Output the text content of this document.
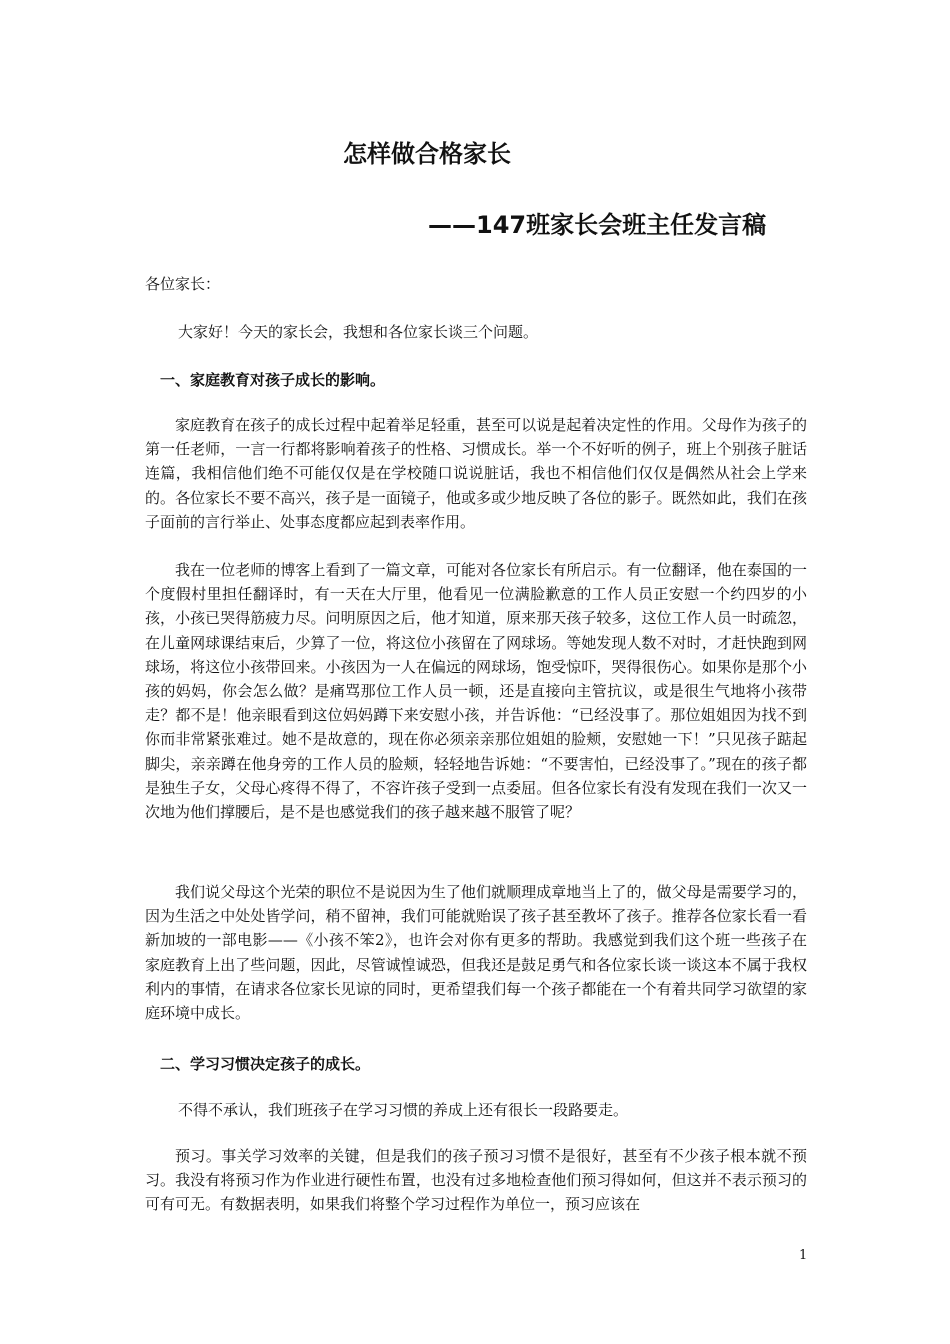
怎样做合格家长
——147班家长会班主任发言稿
各位家长：
大家好！今天的家长会，我想和各位家长谈三个问题。
一、家庭教育对孩子成长的影响。

家庭教育在孩子的成长过程中起着举足轻重，甚至可以说是起着决定性的作用。父母作为孩子的第一任老师，一言一行都将影响着孩子的性格、习惯成长。举一个不好听的例子，班上个别孩子脏话连篇，我相信他们绝不可能仅仅是在学校随口说说脏话，我也不相信他们仅仅是偶然从社会上学来的。各位家长不要不高兴，孩子是一面镜子，他或多或少地反映了各位的影子。既然如此，我们在孩子面前的言行举止、处事态度都应起到表率作用。

我在一位老师的博客上看到了一篇文章，可能对各位家长有所启示。有一位翻译，他在泰国的一个度假村里担任翻译时，有一天在大厅里，他看见一位满脸歉意的工作人员正安慰一个约四岁的小孩，小孩已哭得筋疲力尽。问明原因之后，他才知道，原来那天孩子较多，这位工作人员一时疏忽，在儿童网球课结束后，少算了一位，将这位小孩留在了网球场。等她发现人数不对时，才赶快跑到网球场，将这位小孩带回来。小孩因为一人在偏远的网球场，饱受惊吓，哭得很伤心。如果你是那个小孩的妈妈，你会怎么做？是痛骂那位工作人员一顿，还是直接向主管抗议，或是很生气地将小孩带走？都不是！他亲眼看到这位妈妈蹲下来安慰小孩，并告诉他：“已经没事了。那位姐姐因为找不到你而非常紧张难过。她不是故意的，现在你必须亲亲那位姐姐的脸颊，安慰她一下！”只见孩子踮起脚尖，亲亲蹲在他身旁的工作人员的脸颊，轻轻地告诉她：“不要害怕，已经没事了。”现在的孩子都是独生子女，父母心疼得不得了，不容许孩子受到一点委屈。但各位家长有没有发现在我们一次又一次地为他们撑腰后，是不是也感觉我们的孩子越来越不服管了呢？

我们说父母这个光荣的职位不是说因为生了他们就顺理成章地当上了的，做父母是需要学习的，因为生活之中处处皆学问，稍不留神，我们可能就贻误了孩子甚至教坏了孩子。推荐各位家长看一看新加坡的一部电影——《小孩不笨2》，也许会对你有更多的帮助。我感觉到我们这个班一些孩子在家庭教育上出了些问题，因此，尽管诚惶诚恐，但我还是鼓足勇气和各位家长谈一谈这本不属于我权利内的事情，在请求各位家长见谅的同时，更希望我们每一个孩子都能在一个有着共同学习欲望的家庭环境中成长。

二、学习习惯决定孩子的成长。
不得不承认，我们班孩子在学习习惯的养成上还有很长一段路要走。

预习。事关学习效率的关键，但是我们的孩子预习习惯不是很好，甚至有不少孩子根本就不预习。我没有将预习作为作业进行硬性布置，也没有过多地检查他们预习得如何，但这并不表示预习的可有可无。有数据表明，如果我们将整个学习过程作为单位一，预习应该在

1
